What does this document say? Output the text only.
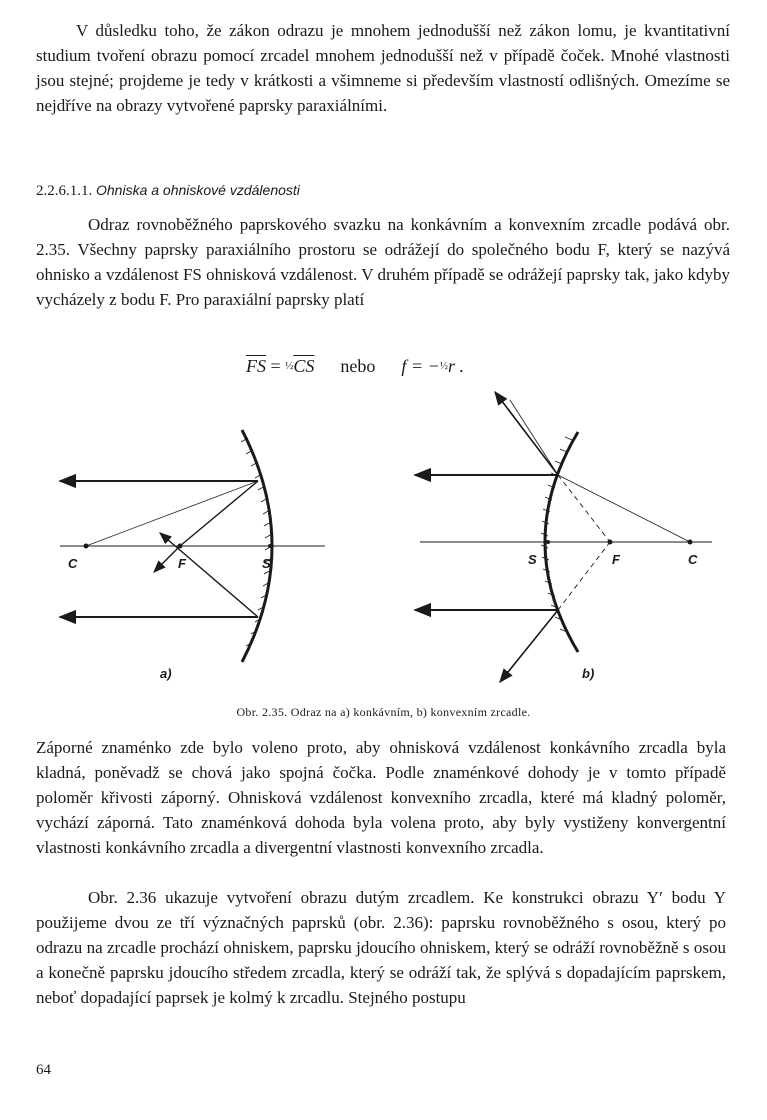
V důsledku toho, že zákon odrazu je mnohem jednodušší než zákon lomu, je kvantitativní studium tvoření obrazu pomocí zrcadel mnohem jednodušší než v případě čoček. Mnohé vlastnosti jsou stejné; projdeme je tedy v krátkosti a všimneme si především vlastností odlišných. Omezíme se nejdříve na obrazy vytvořené paprsky paraxiálními.

2.2.6.1.1. Ohniska a ohniskové vzdálenosti

Odraz rovnoběžného paprskového svazku na konkávním a konvexním zrcadle podává obr. 2.35. Všechny paprsky paraxiálního prostoru se odrážejí do společného bodu F, který se nazývá ohnisko a vzdálenost FS ohnisková vzdálenost. V druhém případě se odrážejí paprsky tak, jako kdyby vycházely z bodu F. Pro paraxiální paprsky platí

$\overline{FS}$ = $\frac{1}{2}\overline{CS}$ nebo f = −½r .
C	F	S
a)
S	F	C
b)
Obr. 2.35. Odraz na a) konkávním, b) konvexním zrcadle.

Záporné znaménko zde bylo voleno proto, aby ohnisková vzdálenost konkávního zrcadla byla kladná, poněvadž se chová jako spojná čočka. Podle znaménkové dohody je v tomto případě poloměr křivosti záporný. Ohnisková vzdálenost konvexního zrcadla, které má kladný poloměr, vychází záporná. Tato znaménková dohoda byla volena proto, aby byly vystiženy konvergentní vlastnosti konkávního zrcadla a divergentní vlastnosti konvexního zrcadla.

Obr. 2.36 ukazuje vytvoření obrazu dutým zrcadlem. Ke konstrukci obrazu Y′ bodu Y použijeme dvou ze tří význačných paprsků (obr. 2.36): paprsku rovnoběžného s osou, který po odrazu na zrcadle prochází ohniskem, paprsku jdoucího ohniskem, který se odráží rovnoběžně s osou a konečně paprsku jdoucího středem zrcadla, který se odráží tak, že splývá s dopadajícím paprskem, neboť dopadající paprsek je kolmý k zrcadlu. Stejného postupu

64
